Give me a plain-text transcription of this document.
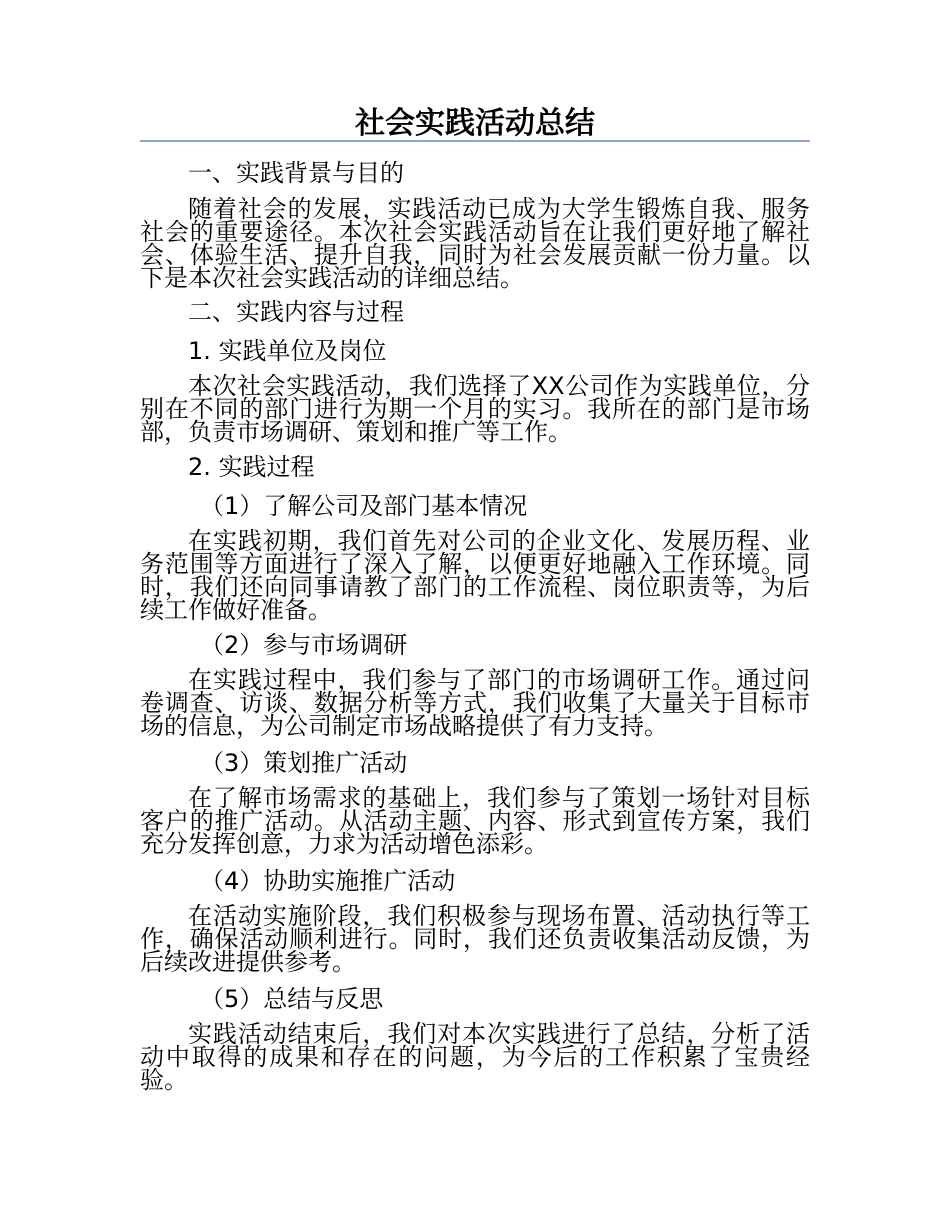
社会实践活动总结
一、实践背景与目的

随着社会的发展，实践活动已成为大学生锻炼自我、服务社会的重要途径。本次社会实践活动旨在让我们更好地了解社会、体验生活、提升自我，同时为社会发展贡献一份力量。以下是本次社会实践活动的详细总结。

二、实践内容与过程
1. 实践单位及岗位

本次社会实践活动，我们选择了XX公司作为实践单位，分别在不同的部门进行为期一个月的实习。我所在的部门是市场部，负责市场调研、策划和推广等工作。

2. 实践过程
（1）了解公司及部门基本情况

在实践初期，我们首先对公司的企业文化、发展历程、业务范围等方面进行了深入了解，以便更好地融入工作环境。同时，我们还向同事请教了部门的工作流程、岗位职责等，为后续工作做好准备。

（2）参与市场调研

在实践过程中，我们参与了部门的市场调研工作。通过问卷调查、访谈、数据分析等方式，我们收集了大量关于目标市场的信息，为公司制定市场战略提供了有力支持。

（3）策划推广活动

在了解市场需求的基础上，我们参与了策划一场针对目标客户的推广活动。从活动主题、内容、形式到宣传方案，我们充分发挥创意，力求为活动增色添彩。

（4）协助实施推广活动

在活动实施阶段，我们积极参与现场布置、活动执行等工作，确保活动顺利进行。同时，我们还负责收集活动反馈，为后续改进提供参考。

（5）总结与反思

实践活动结束后，我们对本次实践进行了总结，分析了活动中取得的成果和存在的问题，为今后的工作积累了宝贵经验。
